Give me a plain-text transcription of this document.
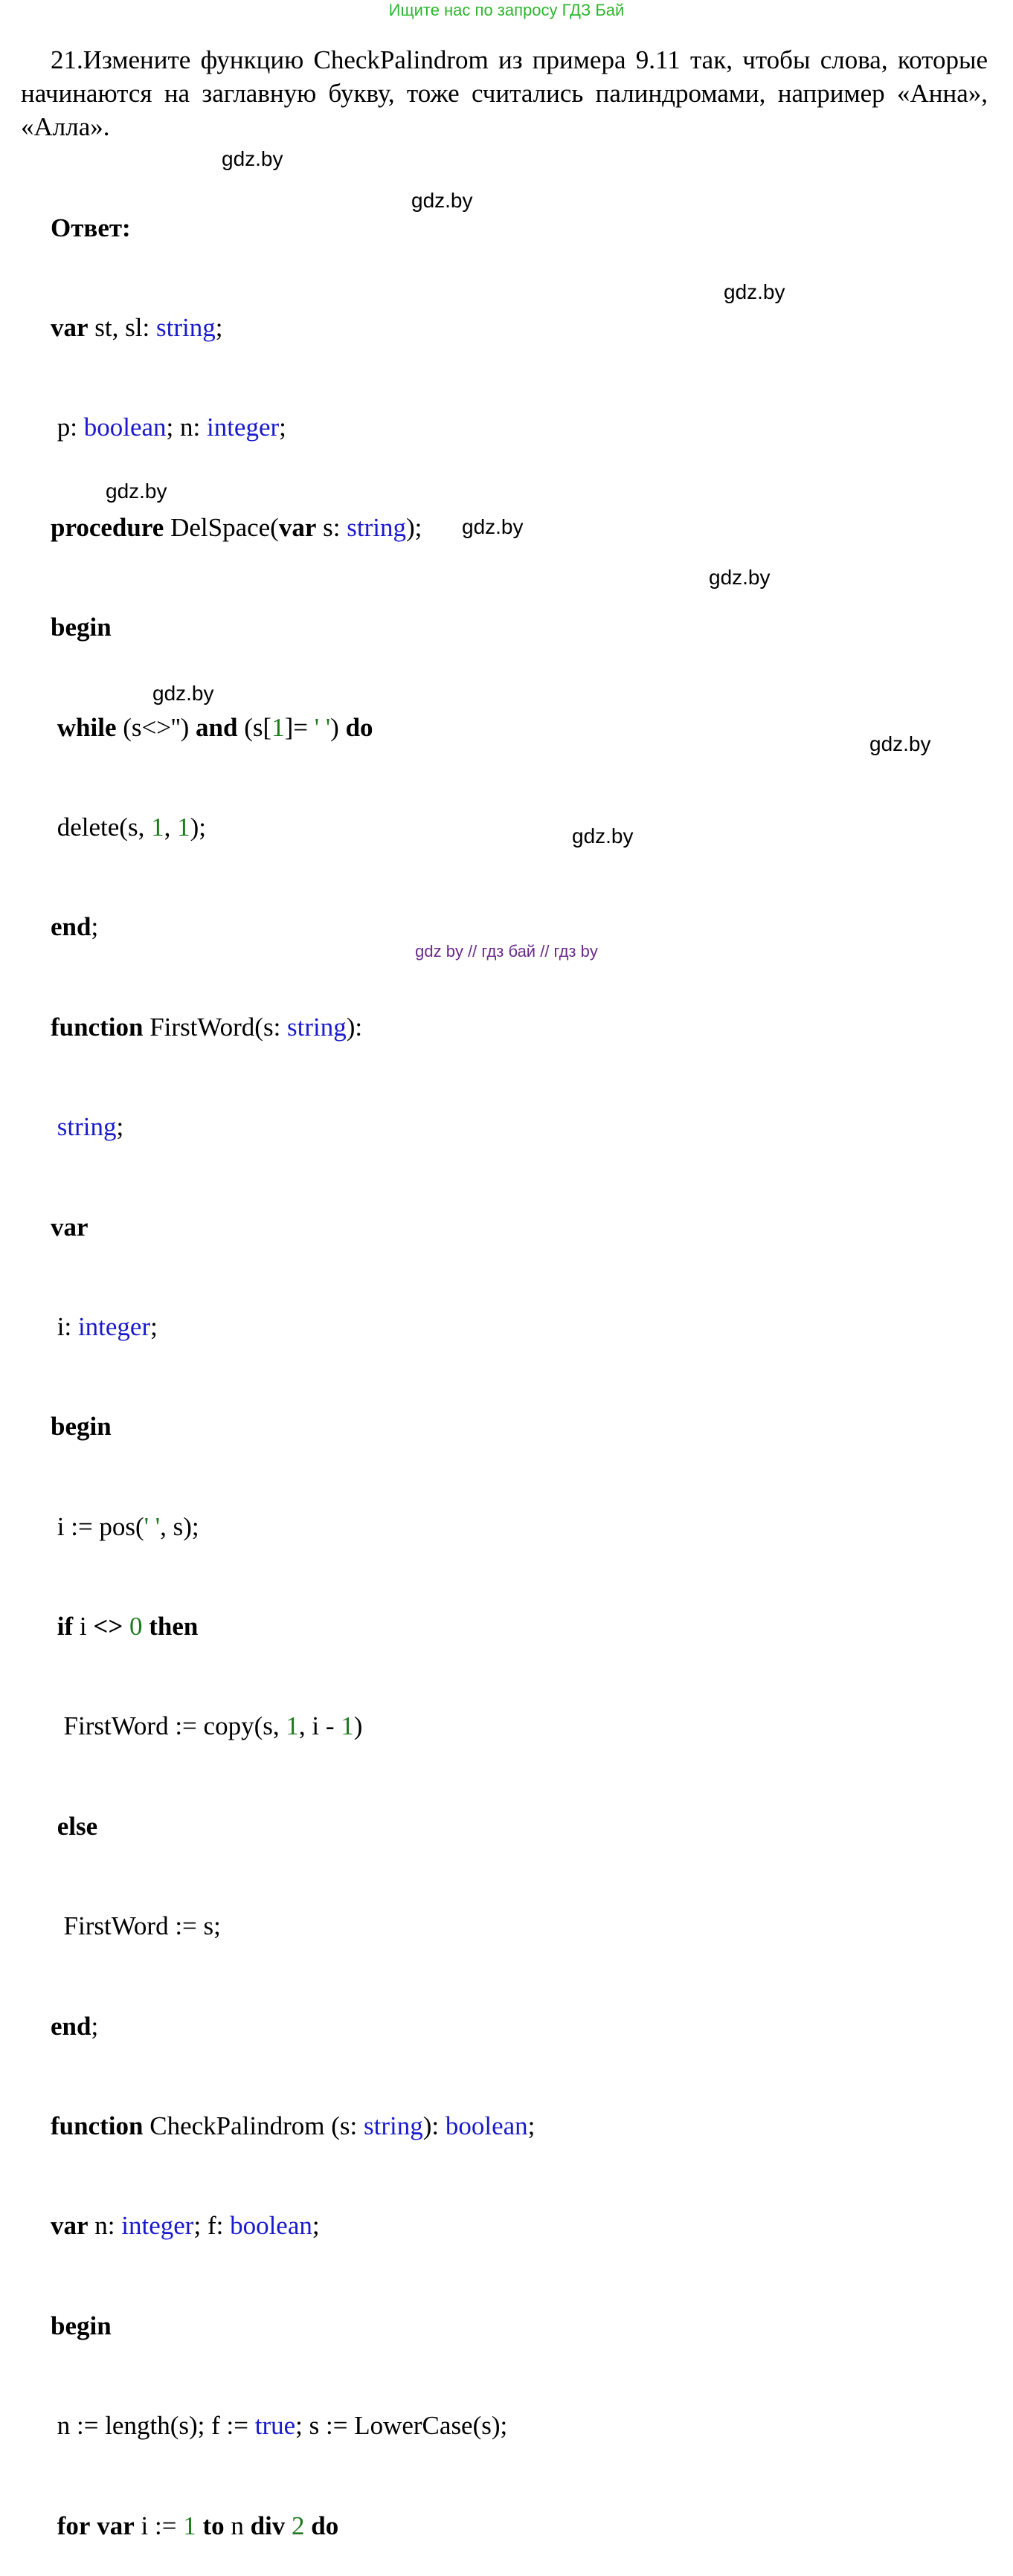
Ищите нас по запросу ГДЗ Бай

21.Измените функцию CheckPalindrom из примера 9.11 так, чтобы слова, которые начинаются на заглавную букву, тоже считались палиндромами, например «Анна», «Алла».

Ответ:

var st, sl: string;

p: boolean; n: integer;

procedure DelSpace(var s: string);

begin

while (s<>'') and (s[1]= ' ') do

delete(s, 1, 1);

end;

function FirstWord(s: string):

string;

var

i: integer;

begin

i := pos(' ', s);

if i <> 0 then

FirstWord := copy(s, 1, i - 1)

else

FirstWord := s;

end;

function CheckPalindrom (s: string): boolean;

var n: integer; f: boolean;

begin

n := length(s); f := true; s := LowerCase(s);

for var i := 1 to n div 2 do

gdz.by
gdz.by
gdz.by
gdz.by
gdz.by
gdz.by
gdz.by
gdz.by
gdz.by
gdz by // гдз бай // гдз by
